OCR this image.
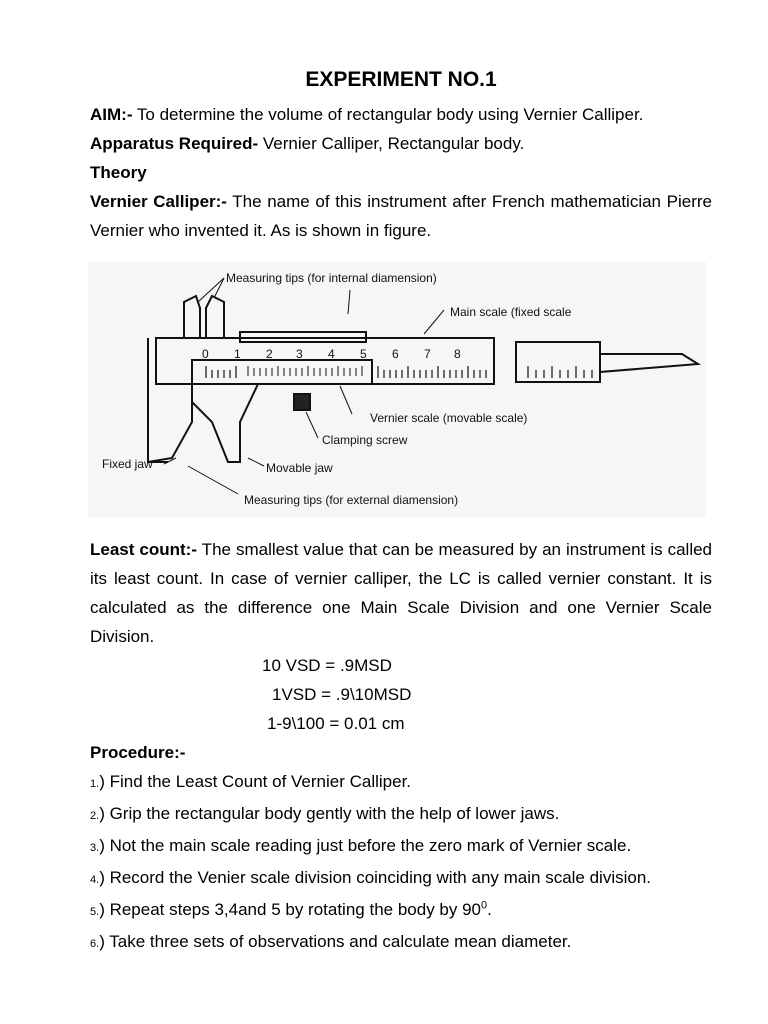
EXPERIMENT NO.1

AIM:- To determine the volume of rectangular body using Vernier Calliper.

Apparatus Required- Vernier Calliper, Rectangular body.

Theory

Vernier Calliper:- The name of this instrument after French mathematician Pierre Vernier who invented it. As is shown in figure.

0 1 2 3 4 5 6 7 8
Measuring tips (for internal diamension)
Main scale (fixed scale
Vernier scale (movable scale)
Clamping screw
Fixed jaw	Movable jaw
Measuring tips (for external diamension)

Least count:- The smallest value that can be measured by an instrument is called its least count. In case of vernier calliper, the LC is called vernier constant. It is calculated as the difference one Main Scale Division and one Vernier Scale Division.

10 VSD = .9MSD

1VSD = .9\10MSD

1-9\100 = 0.01 cm

Procedure:-

1.) Find the Least Count of Vernier Calliper.

2.) Grip the rectangular body gently with the help of lower jaws.

3.) Not the main scale reading just before the zero mark of Vernier scale.

4.) Record the Venier scale division coinciding with any main scale division.

5.) Repeat steps 3,4and 5 by rotating the body by $90^0$.

6.) Take three sets of observations and calculate mean diameter.
